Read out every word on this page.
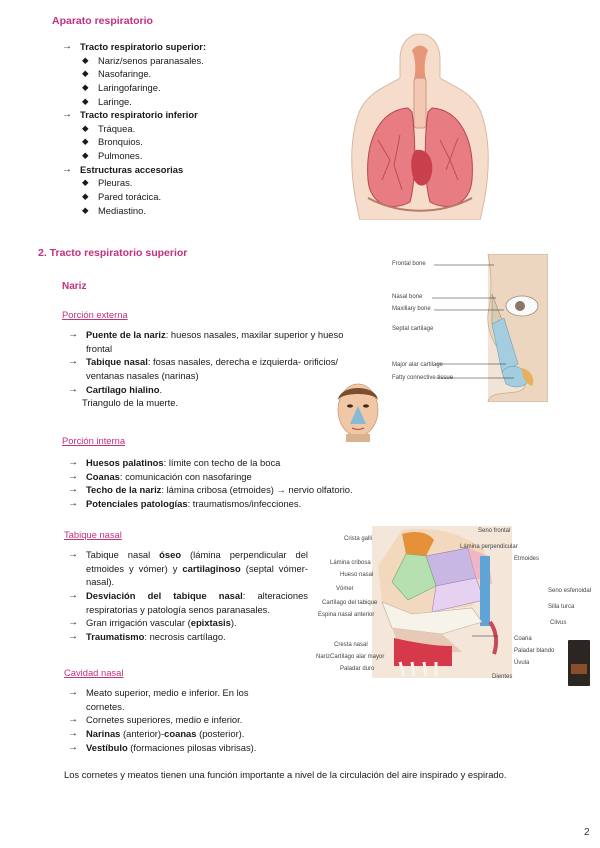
Aparato respiratorio
→ Tracto respiratorio superior:
◆ Nariz/senos paranasales.
◆ Nasofaringe.
◆ Laringofaringe.
◆ Laringe.
→ Tracto respiratorio inferior
◆ Tráquea.
◆ Bronquios.
◆ Pulmones.
→ Estructuras accesorias
◆ Pleuras.
◆ Pared torácica.
◆ Mediastino.
2. Tracto respiratorio superior
Nariz
Porción externa
→ Puente de la nariz: huesos nasales, maxilar superior y hueso frontal
→ Tabique nasal: fosas nasales, derecha e izquierda- orificios/ ventanas nasales (narinas)
→ Cartílago hialino.
Triangulo de la muerte.
Frontal bone
Nasal bone
Maxillary bone
Septal cartilage
Major alar cartilage
Fatty connective tissue
Porción interna
→ Huesos palatinos: límite con techo de la boca
→ Coanas: comunicación con nasofaringe
→ Techo de la nariz: lámina cribosa (etmoides) → nervio olfatorio.
→ Potenciales patologías: traumatismos/infecciones.
Tabique nasal
→ Tabique nasal óseo (lámina perpendicular del etmoides y vómer) y cartilaginoso (septal vómer-nasal).
→ Desviación del tabique nasal: alteraciones respiratorias y patología senos paranasales.
→ Gran irrigación vascular (epixtasis).
→ Traumatismo: necrosis cartílago.
Crista galli
Lámina cribosa
Hueso nasal
Vómer
Cartílago del tabique
Espina nasal anterior
Cresta nasal
Cartílago alar mayor
Paladar duro
Nariz
Seno frontal
Lámina perpendicular
Etmoides
Seno esfenoidal
Silla turca
Clivus
Coana
Paladar blando
Úvula
Dientes
Cavidad nasal
→ Meato superior, medio e inferior. En los cornetes.
→ Cornetes superiores, medio e inferior.
→ Narinas (anterior)-coanas (posterior).
→ Vestíbulo (formaciones pilosas vibrisas).
Los cornetes y meatos tienen una función importante a nivel de la circulación del aire inspirado y espirado.
2
